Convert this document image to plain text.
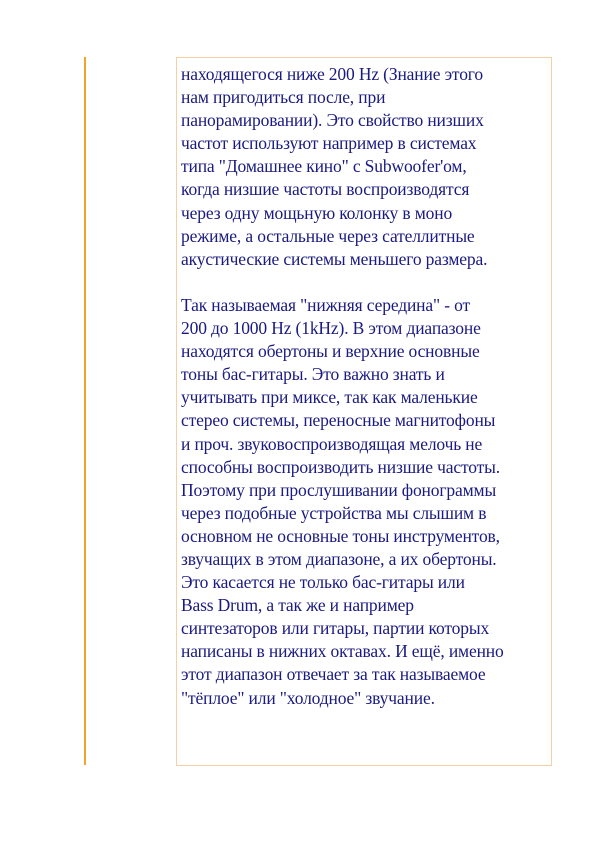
находящегося ниже 200 Hz (Знание этого
нам пригодиться после, при
панорамировании). Это свойство низших
частот используют например в системах
типа "Домашнее кино" с Subwoofer'ом,
когда низшие частоты воспроизводятся
через одну мощьную колонку в моно
режиме, а остальные через сателлитные
акустические системы меньшего размера.
Так называемая "нижняя середина" - от
200 до 1000 Hz (1kHz). В этом диапазоне
находятся обертоны и верхние основные
тоны бас-гитары. Это важно знать и
учитывать при миксе, так как маленькие
стерео системы, переносные магнитофоны
и проч. звуковоспроизводящая мелочь не
способны воспроизводить низшие частоты.
Поэтому при прослушивании фонограммы
через подобные устройства мы слышим в
основном не основные тоны инструментов,
звучащих в этом диапазоне, а их обертоны.
Это касается не только бас-гитары или
Bass Drum, а так же и например
синтезаторов или гитары, партии которых
написаны в нижних октавах. И ещё, именно
этот диапазон отвечает за так называемое
"тёплое" или "холодное" звучание.
